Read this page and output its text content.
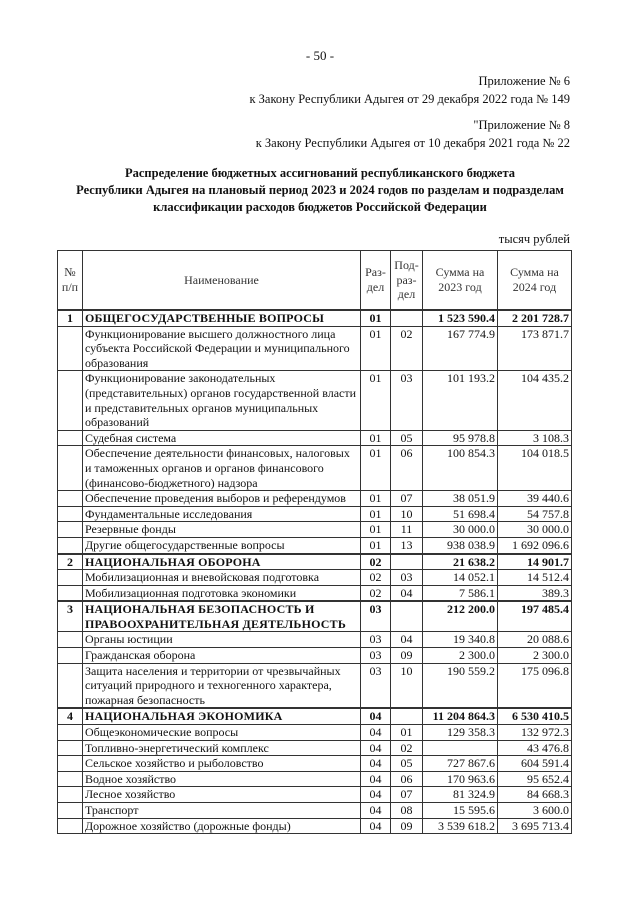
- 50 -
Приложение № 6
к Закону Республики Адыгея от 29 декабря 2022 года № 149
"Приложение № 8
к Закону Республики Адыгея от 10 декабря 2021 года № 22
Распределение бюджетных ассигнований республиканского бюджета
Республики Адыгея на плановый период 2023 и 2024 годов по разделам и подразделам
классификации расходов бюджетов Российской Федерации
тысяч рублей
№ п/п	Наименование	Раз-дел	Под-раз-дел	Сумма на 2023 год	Сумма на 2024 год
1	ОБЩЕГОСУДАРСТВЕННЫЕ ВОПРОСЫ	01		1 523 590.4	2 201 728.7
	Функционирование высшего должностного лица субъекта Российской Федерации и муниципального образования	01	02	167 774.9	173 871.7
	Функционирование законодательных (представительных) органов государственной власти и представительных органов муниципальных образований	01	03	101 193.2	104 435.2
	Судебная система	01	05	95 978.8	3 108.3
	Обеспечение деятельности финансовых, налоговых и таможенных органов и органов финансового (финансово-бюджетного) надзора	01	06	100 854.3	104 018.5
	Обеспечение проведения выборов и референдумов	01	07	38 051.9	39 440.6
	Фундаментальные исследования	01	10	51 698.4	54 757.8
	Резервные фонды	01	11	30 000.0	30 000.0
	Другие общегосударственные вопросы	01	13	938 038.9	1 692 096.6
2	НАЦИОНАЛЬНАЯ ОБОРОНА	02		21 638.2	14 901.7
	Мобилизационная и вневойсковая подготовка	02	03	14 052.1	14 512.4
	Мобилизационная подготовка экономики	02	04	7 586.1	389.3
3	НАЦИОНАЛЬНАЯ БЕЗОПАСНОСТЬ И ПРАВООХРАНИТЕЛЬНАЯ ДЕЯТЕЛЬНОСТЬ	03		212 200.0	197 485.4
	Органы юстиции	03	04	19 340.8	20 088.6
	Гражданская оборона	03	09	2 300.0	2 300.0
	Защита населения и территории от чрезвычайных ситуаций природного и техногенного характера, пожарная безопасность	03	10	190 559.2	175 096.8
4	НАЦИОНАЛЬНАЯ ЭКОНОМИКА	04		11 204 864.3	6 530 410.5
	Общеэкономические вопросы	04	01	129 358.3	132 972.3
	Топливно-энергетический комплекс	04	02		43 476.8
	Сельское хозяйство и рыболовство	04	05	727 867.6	604 591.4
	Водное хозяйство	04	06	170 963.6	95 652.4
	Лесное хозяйство	04	07	81 324.9	84 668.3
	Транспорт	04	08	15 595.6	3 600.0
	Дорожное хозяйство (дорожные фонды)	04	09	3 539 618.2	3 695 713.4
